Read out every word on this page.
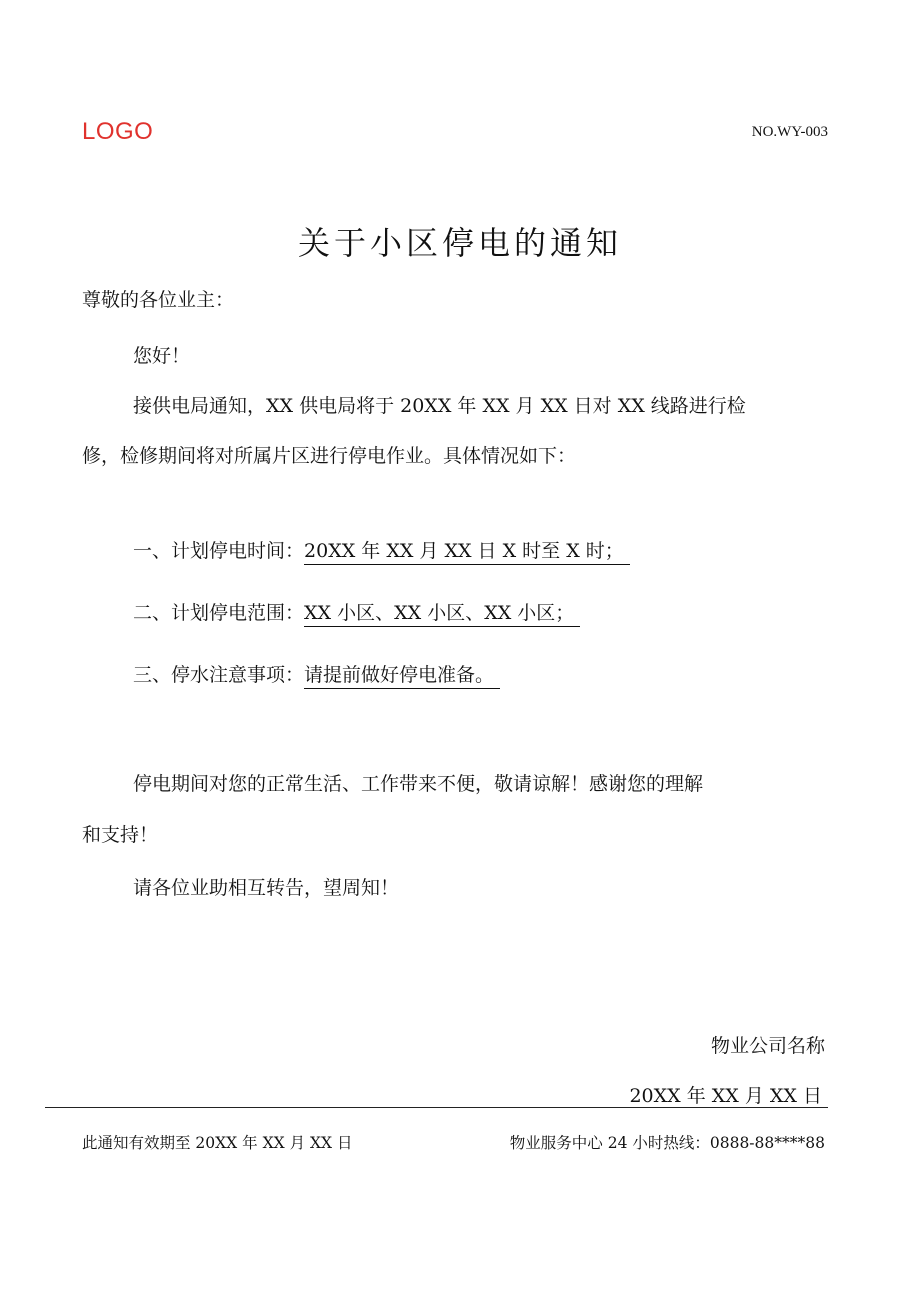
LOGO	NO.WY-003
关于小区停电的通知
尊敬的各位业主：
您好！
接供电局通知，XX 供电局将于 20XX 年 XX 月 XX 日对 XX 线路进行检
修，检修期间将对所属片区进行停电作业。具体情况如下：
一、计划停电时间：20XX 年 XX 月 XX 日 X 时至 X 时；
二、计划停电范围：XX 小区、XX 小区、XX 小区；
三、停水注意事项：请提前做好停电准备。
停电期间对您的正常生活、工作带来不便，敬请谅解！感谢您的理解
和支持！
请各位业助相互转告，望周知！
物业公司名称
20XX 年 XX 月 XX 日
此通知有效期至 20XX 年 XX 月 XX 日	物业服务中心 24 小时热线：0888-88****88
